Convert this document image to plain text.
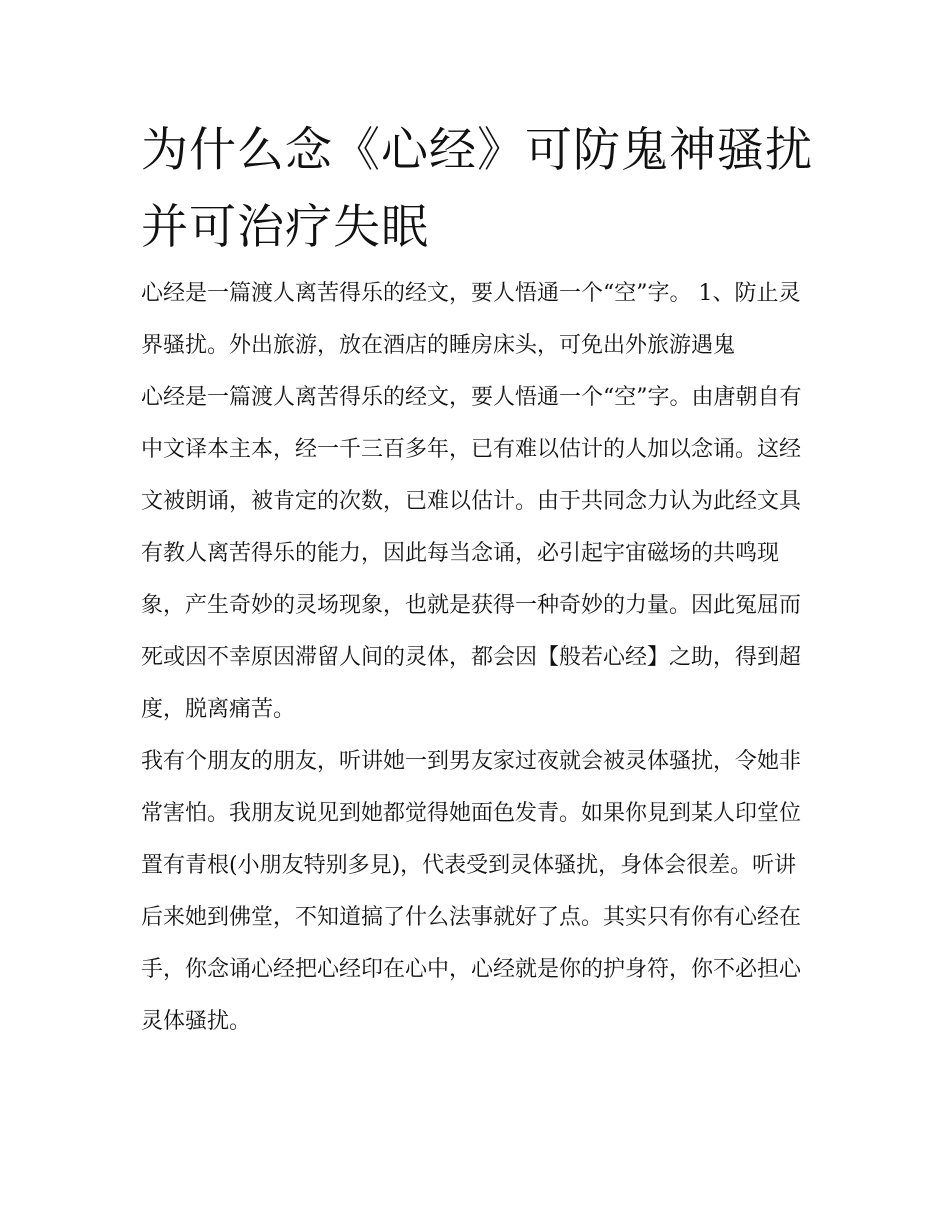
为什么念《心经》可防鬼神骚扰并可治疗失眠

心经是一篇渡人离苦得乐的经文，要人悟通一个“空”字。 1、防止灵界骚扰。外出旅游，放在酒店的睡房床头，可免出外旅游遇鬼

心经是一篇渡人离苦得乐的经文，要人悟通一个“空”字。由唐朝自有中文译本主本，经一千三百多年，已有难以估计的人加以念诵。这经文被朗诵，被肯定的次数，已难以估计。由于共同念力认为此经文具有教人离苦得乐的能力，因此每当念诵，必引起宇宙磁场的共鸣现象，产生奇妙的灵场现象，也就是获得一种奇妙的力量。因此冤屈而死或因不幸原因滞留人间的灵体，都会因【般若心经】之助，得到超度，脱离痛苦。

我有个朋友的朋友，听讲她一到男友家过夜就会被灵体骚扰，令她非常害怕。我朋友说见到她都觉得她面色发青。如果你見到某人印堂位置有青根(小朋友特别多見)，代表受到灵体骚扰，身体会很差。听讲后来她到佛堂，不知道搞了什么法事就好了点。其实只有你有心经在手，你念诵心经把心经印在心中，心经就是你的护身符，你不必担心灵体骚扰。
